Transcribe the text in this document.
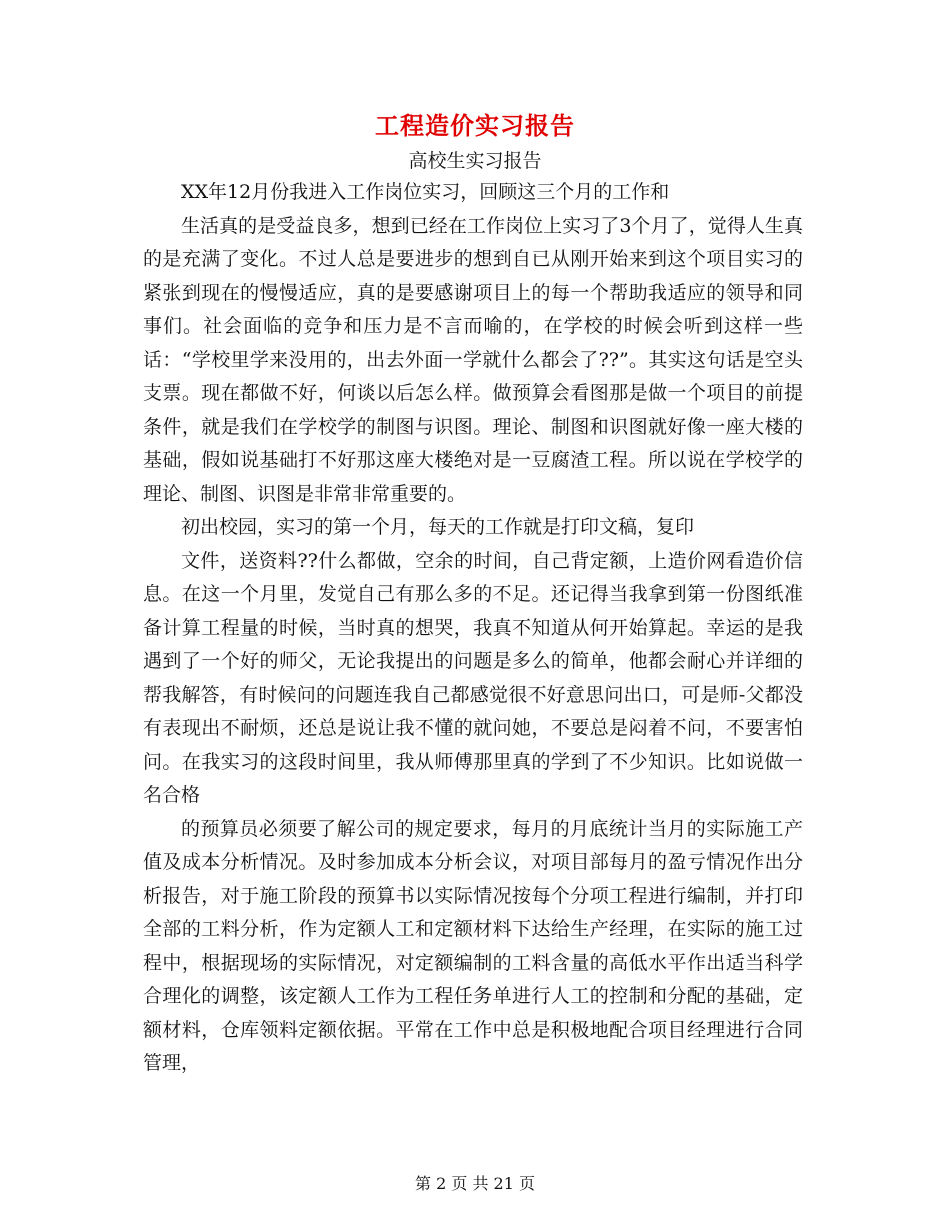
工程造价实习报告
高校生实习报告

XX年12月份我进入工作岗位实习，回顾这三个月的工作和

生活真的是受益良多，想到已经在工作岗位上实习了3个月了，觉得人生真的是充满了变化。不过人总是要进步的想到自已从刚开始来到这个项目实习的紧张到现在的慢慢适应，真的是要感谢项目上的每一个帮助我适应的领导和同事们。社会面临的竞争和压力是不言而喻的，在学校的时候会听到这样一些话：“学校里学来没用的，出去外面一学就什么都会了??”。其实这句话是空头支票。现在都做不好，何谈以后怎么样。做预算会看图那是做一个项目的前提条件，就是我们在学校学的制图与识图。理论、制图和识图就好像一座大楼的基础，假如说基础打不好那这座大楼绝对是一豆腐渣工程。所以说在学校学的理论、制图、识图是非常非常重要的。

初出校园，实习的第一个月，每天的工作就是打印文稿，复印

文件，送资料??什么都做，空余的时间，自己背定额，上造价网看造价信息。在这一个月里，发觉自己有那么多的不足。还记得当我拿到第一份图纸准备计算工程量的时候，当时真的想哭，我真不知道从何开始算起。幸运的是我遇到了一个好的师父，无论我提出的问题是多么的简单，他都会耐心并详细的帮我解答，有时候问的问题连我自己都感觉很不好意思问出口，可是师-父都没有表现出不耐烦，还总是说让我不懂的就问她，不要总是闷着不问，不要害怕问。在我实习的这段时间里，我从师傅那里真的学到了不少知识。比如说做一名合格

的预算员必须要了解公司的规定要求，每月的月底统计当月的实际施工产值及成本分析情况。及时参加成本分析会议，对项目部每月的盈亏情况作出分析报告，对于施工阶段的预算书以实际情况按每个分项工程进行编制，并打印全部的工料分析，作为定额人工和定额材料下达给生产经理，在实际的施工过程中，根据现场的实际情况，对定额编制的工料含量的高低水平作出适当科学合理化的调整，该定额人工作为工程任务单进行人工的控制和分配的基础，定额材料，仓库领料定额依据。平常在工作中总是积极地配合项目经理进行合同管理，

第 2 页 共 21 页
